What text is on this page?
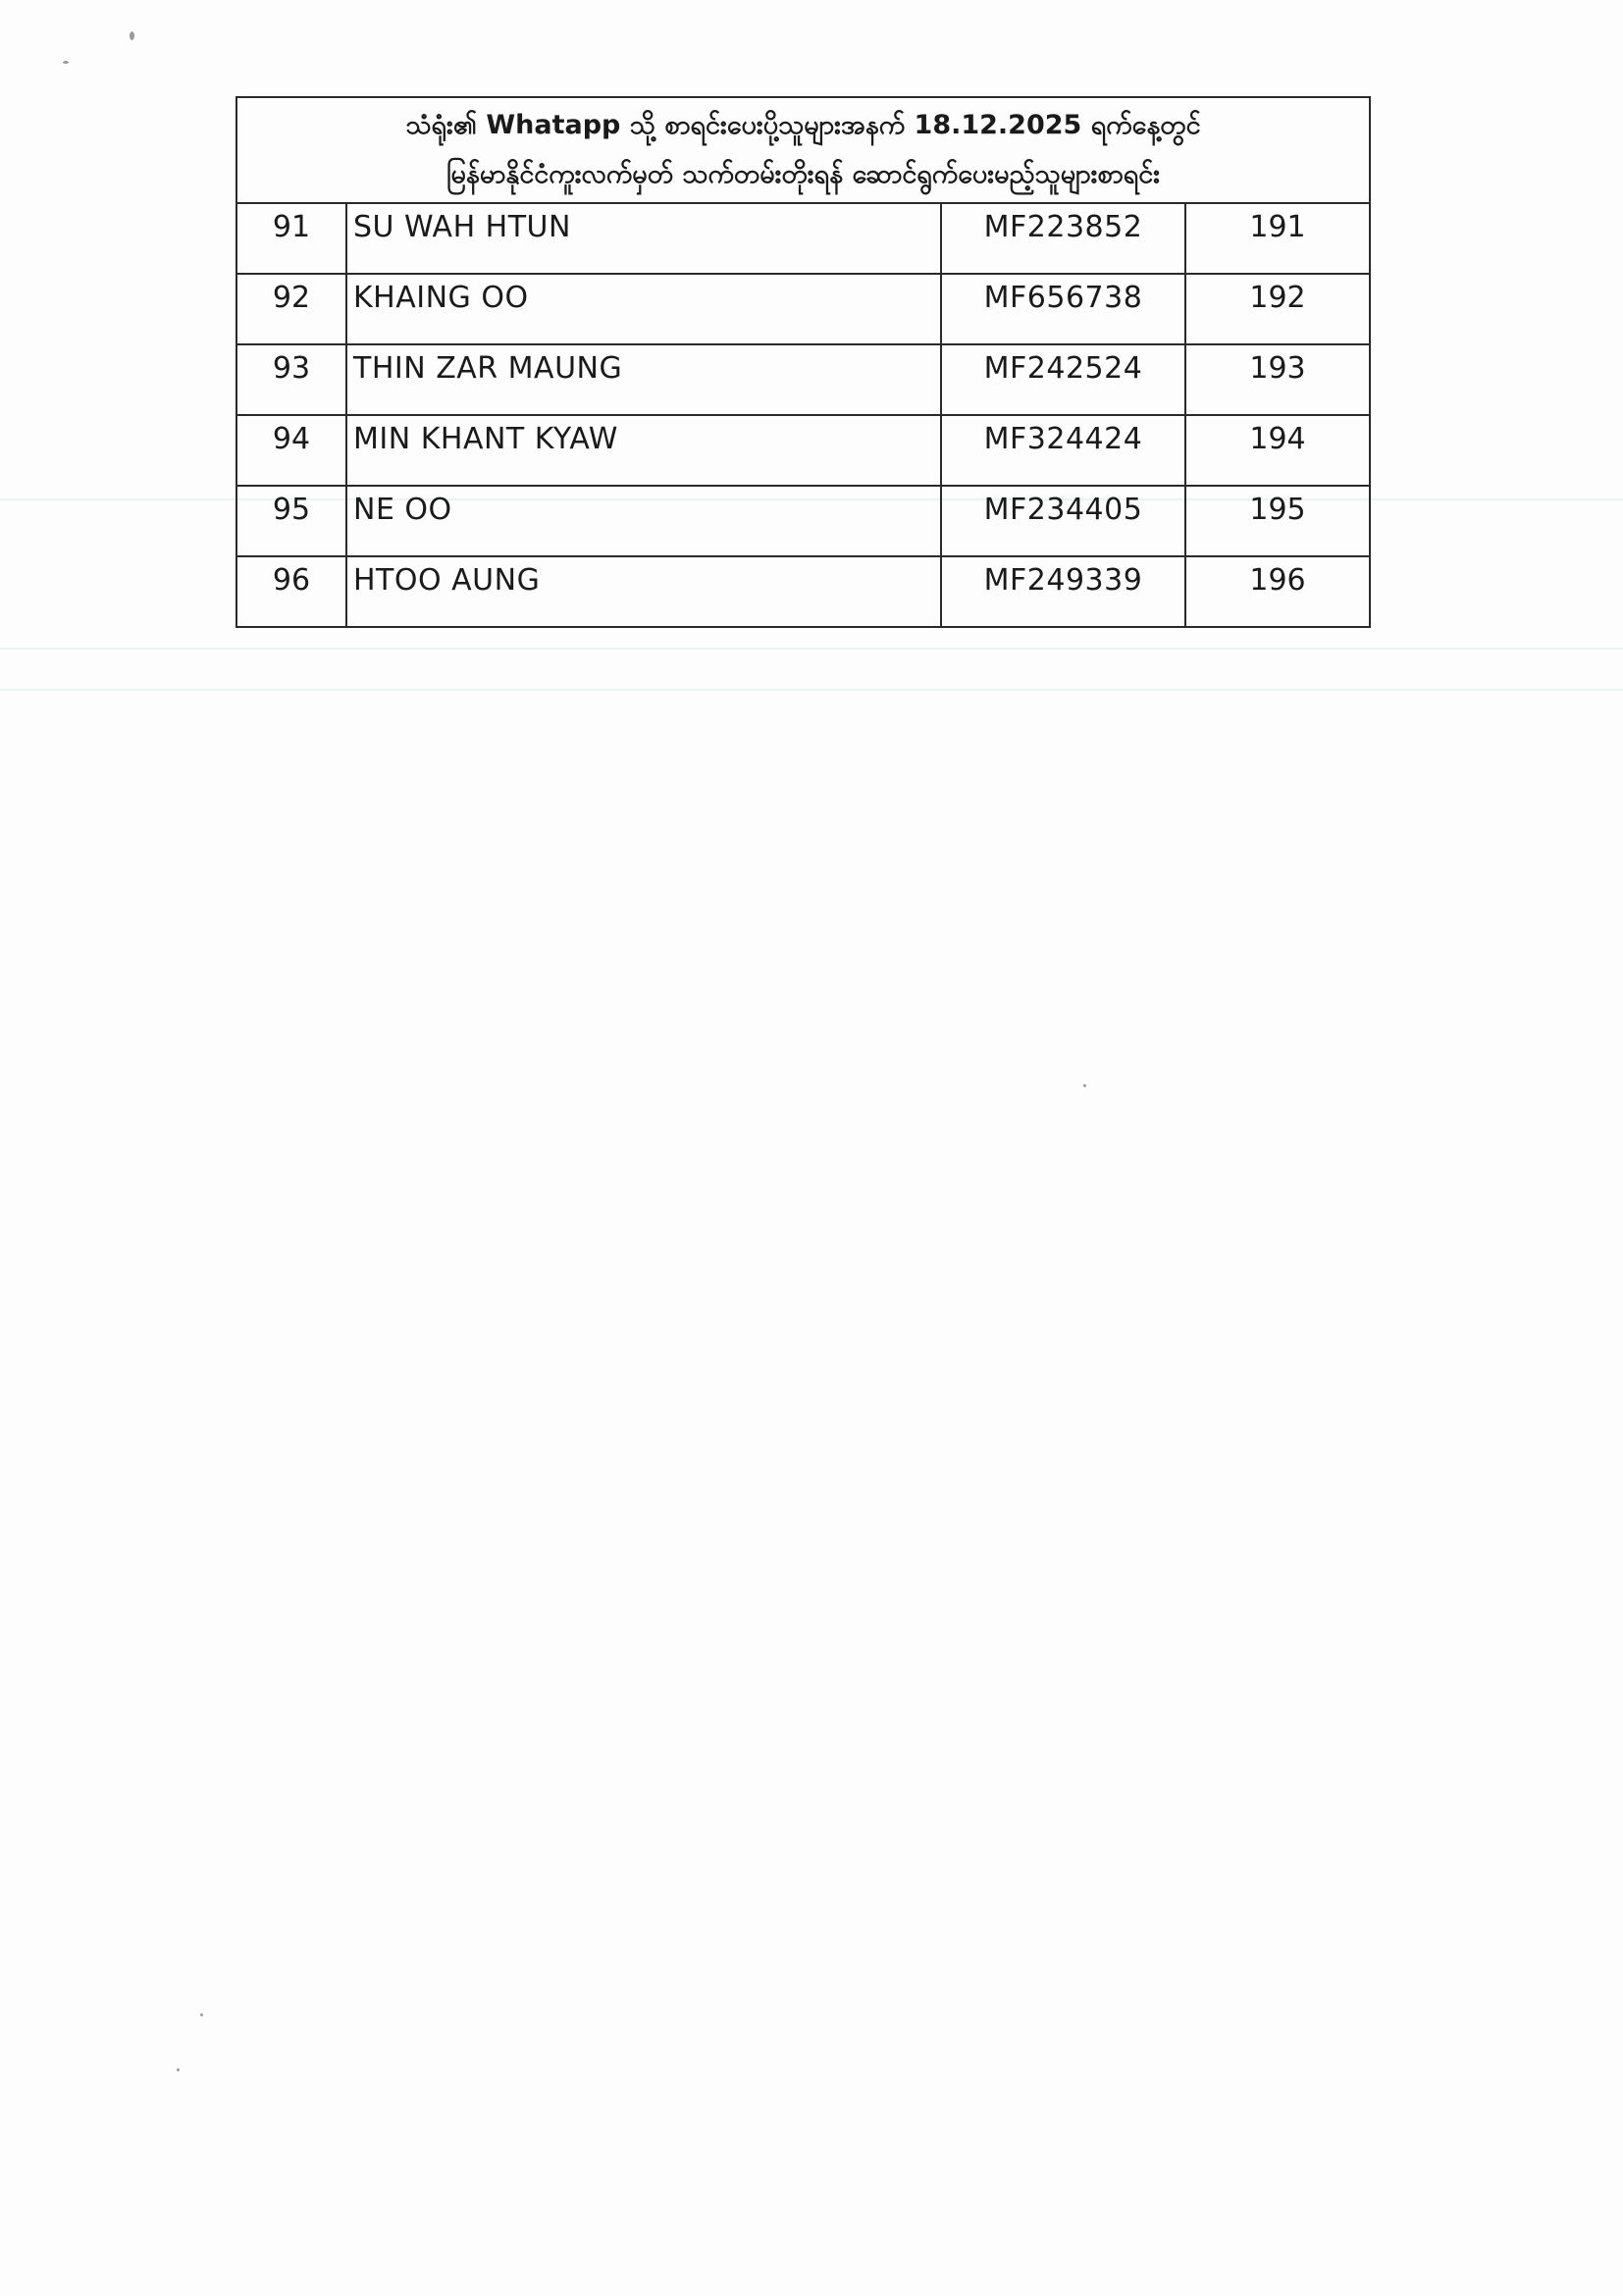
သံရုံး၏ Whatapp သို့ စာရင်းပေးပို့သူများအနက် 18.12.2025 ရက်နေ့တွင်
မြန်မာနိုင်ငံကူးလက်မှတ် သက်တမ်းတိုးရန် ဆောင်ရွက်ပေးမည့်သူများစာရင်း			

91	SU WAH HTUN	MF223852	191
92	KHAING OO	MF656738	192
93	THIN ZAR MAUNG	MF242524	193
94	MIN KHANT KYAW	MF324424	194
95	NE OO	MF234405	195
96	HTOO AUNG	MF249339	196
